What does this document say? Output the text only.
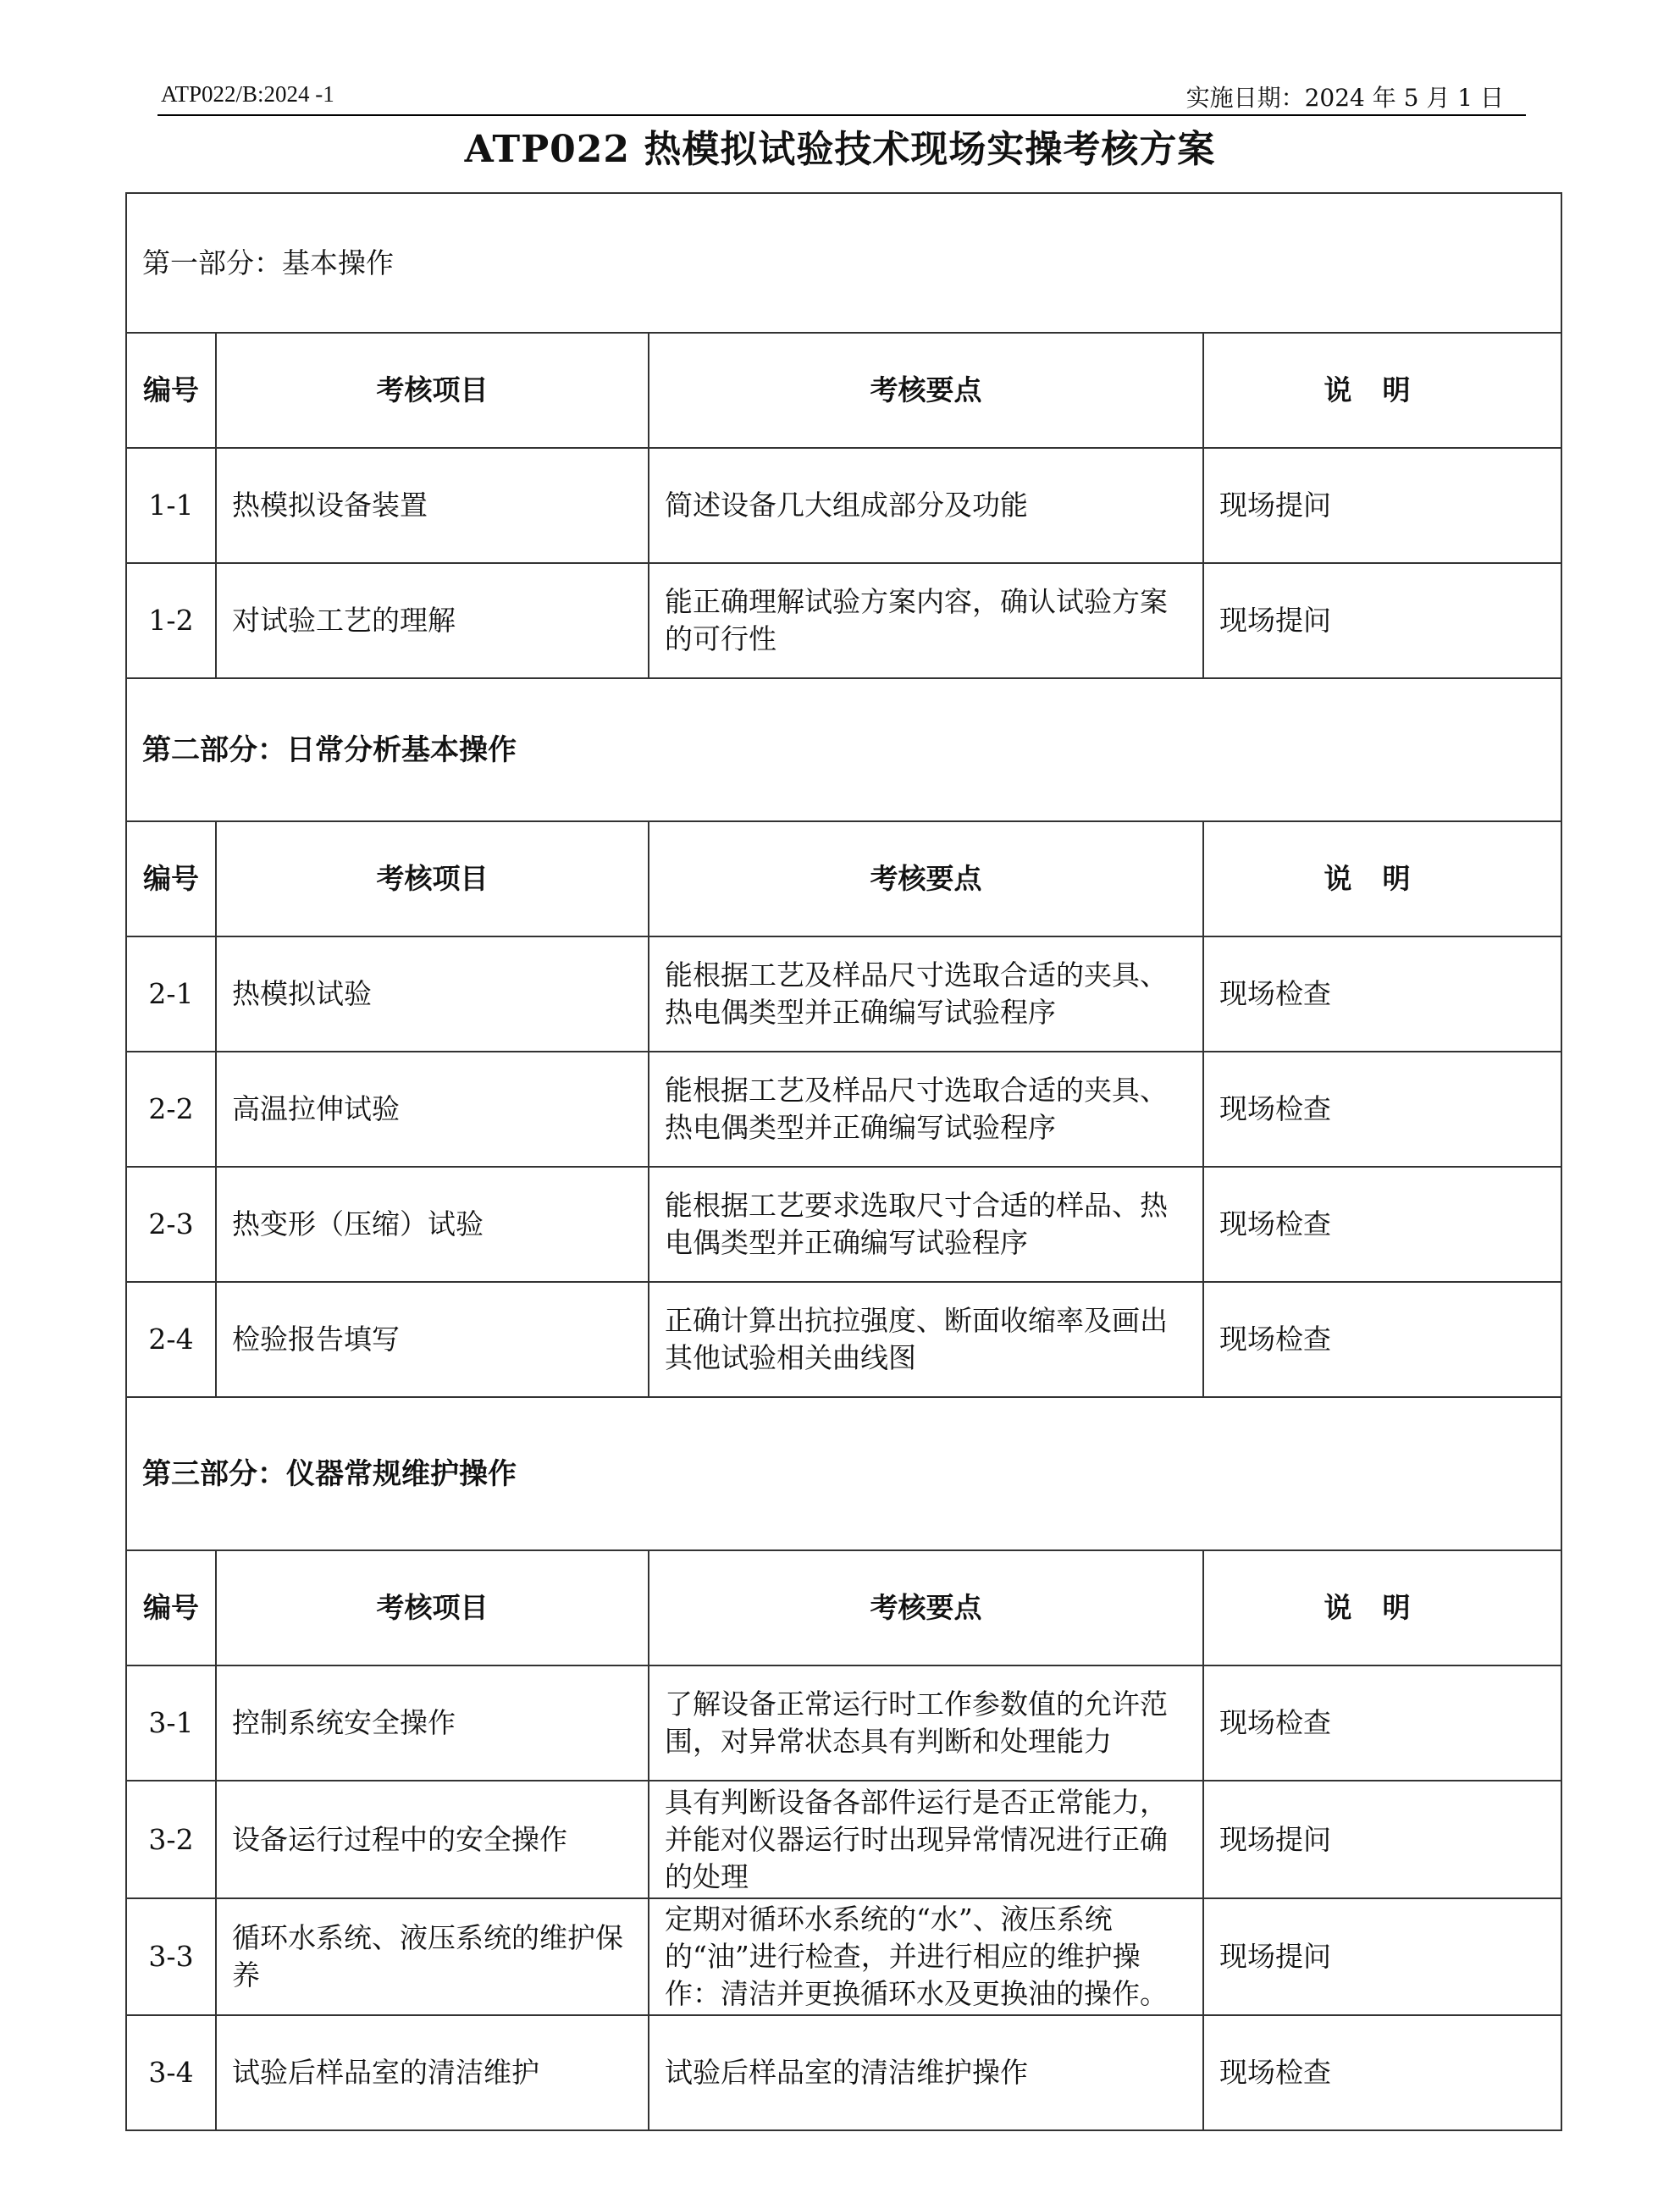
ATP022/B:2024 -1	实施日期：2024 年 5 月 1 日
ATP022 热模拟试验技术现场实操考核方案
第一部分：基本操作			
编号	考核项目	考核要点	说明
1-1	热模拟设备装置	简述设备几大组成部分及功能	现场提问
1-2	对试验工艺的理解	能正确理解试验方案内容，确认试验方案的可行性	现场提问
第二部分：日常分析基本操作			
编号	考核项目	考核要点	说明
2-1	热模拟试验	能根据工艺及样品尺寸选取合适的夹具、热电偶类型并正确编写试验程序	现场检查
2-2	高温拉伸试验	能根据工艺及样品尺寸选取合适的夹具、热电偶类型并正确编写试验程序	现场检查
2-3	热变形（压缩）试验	能根据工艺要求选取尺寸合适的样品、热电偶类型并正确编写试验程序	现场检查
2-4	检验报告填写	正确计算出抗拉强度、断面收缩率及画出其他试验相关曲线图	现场检查
第三部分：仪器常规维护操作			
编号	考核项目	考核要点	说明
3-1	控制系统安全操作	了解设备正常运行时工作参数值的允许范围，对异常状态具有判断和处理能力	现场检查
3-2	设备运行过程中的安全操作	具有判断设备各部件运行是否正常能力，并能对仪器运行时出现异常情况进行正确的处理	现场提问
3-3	循环水系统、液压系统的维护保养	定期对循环水系统的“水”、液压系统 的“油”进行检查，并进行相应的维护操作：清洁并更换循环水及更换油的操作。	现场提问
3-4	试验后样品室的清洁维护	试验后样品室的清洁维护操作	现场检查
